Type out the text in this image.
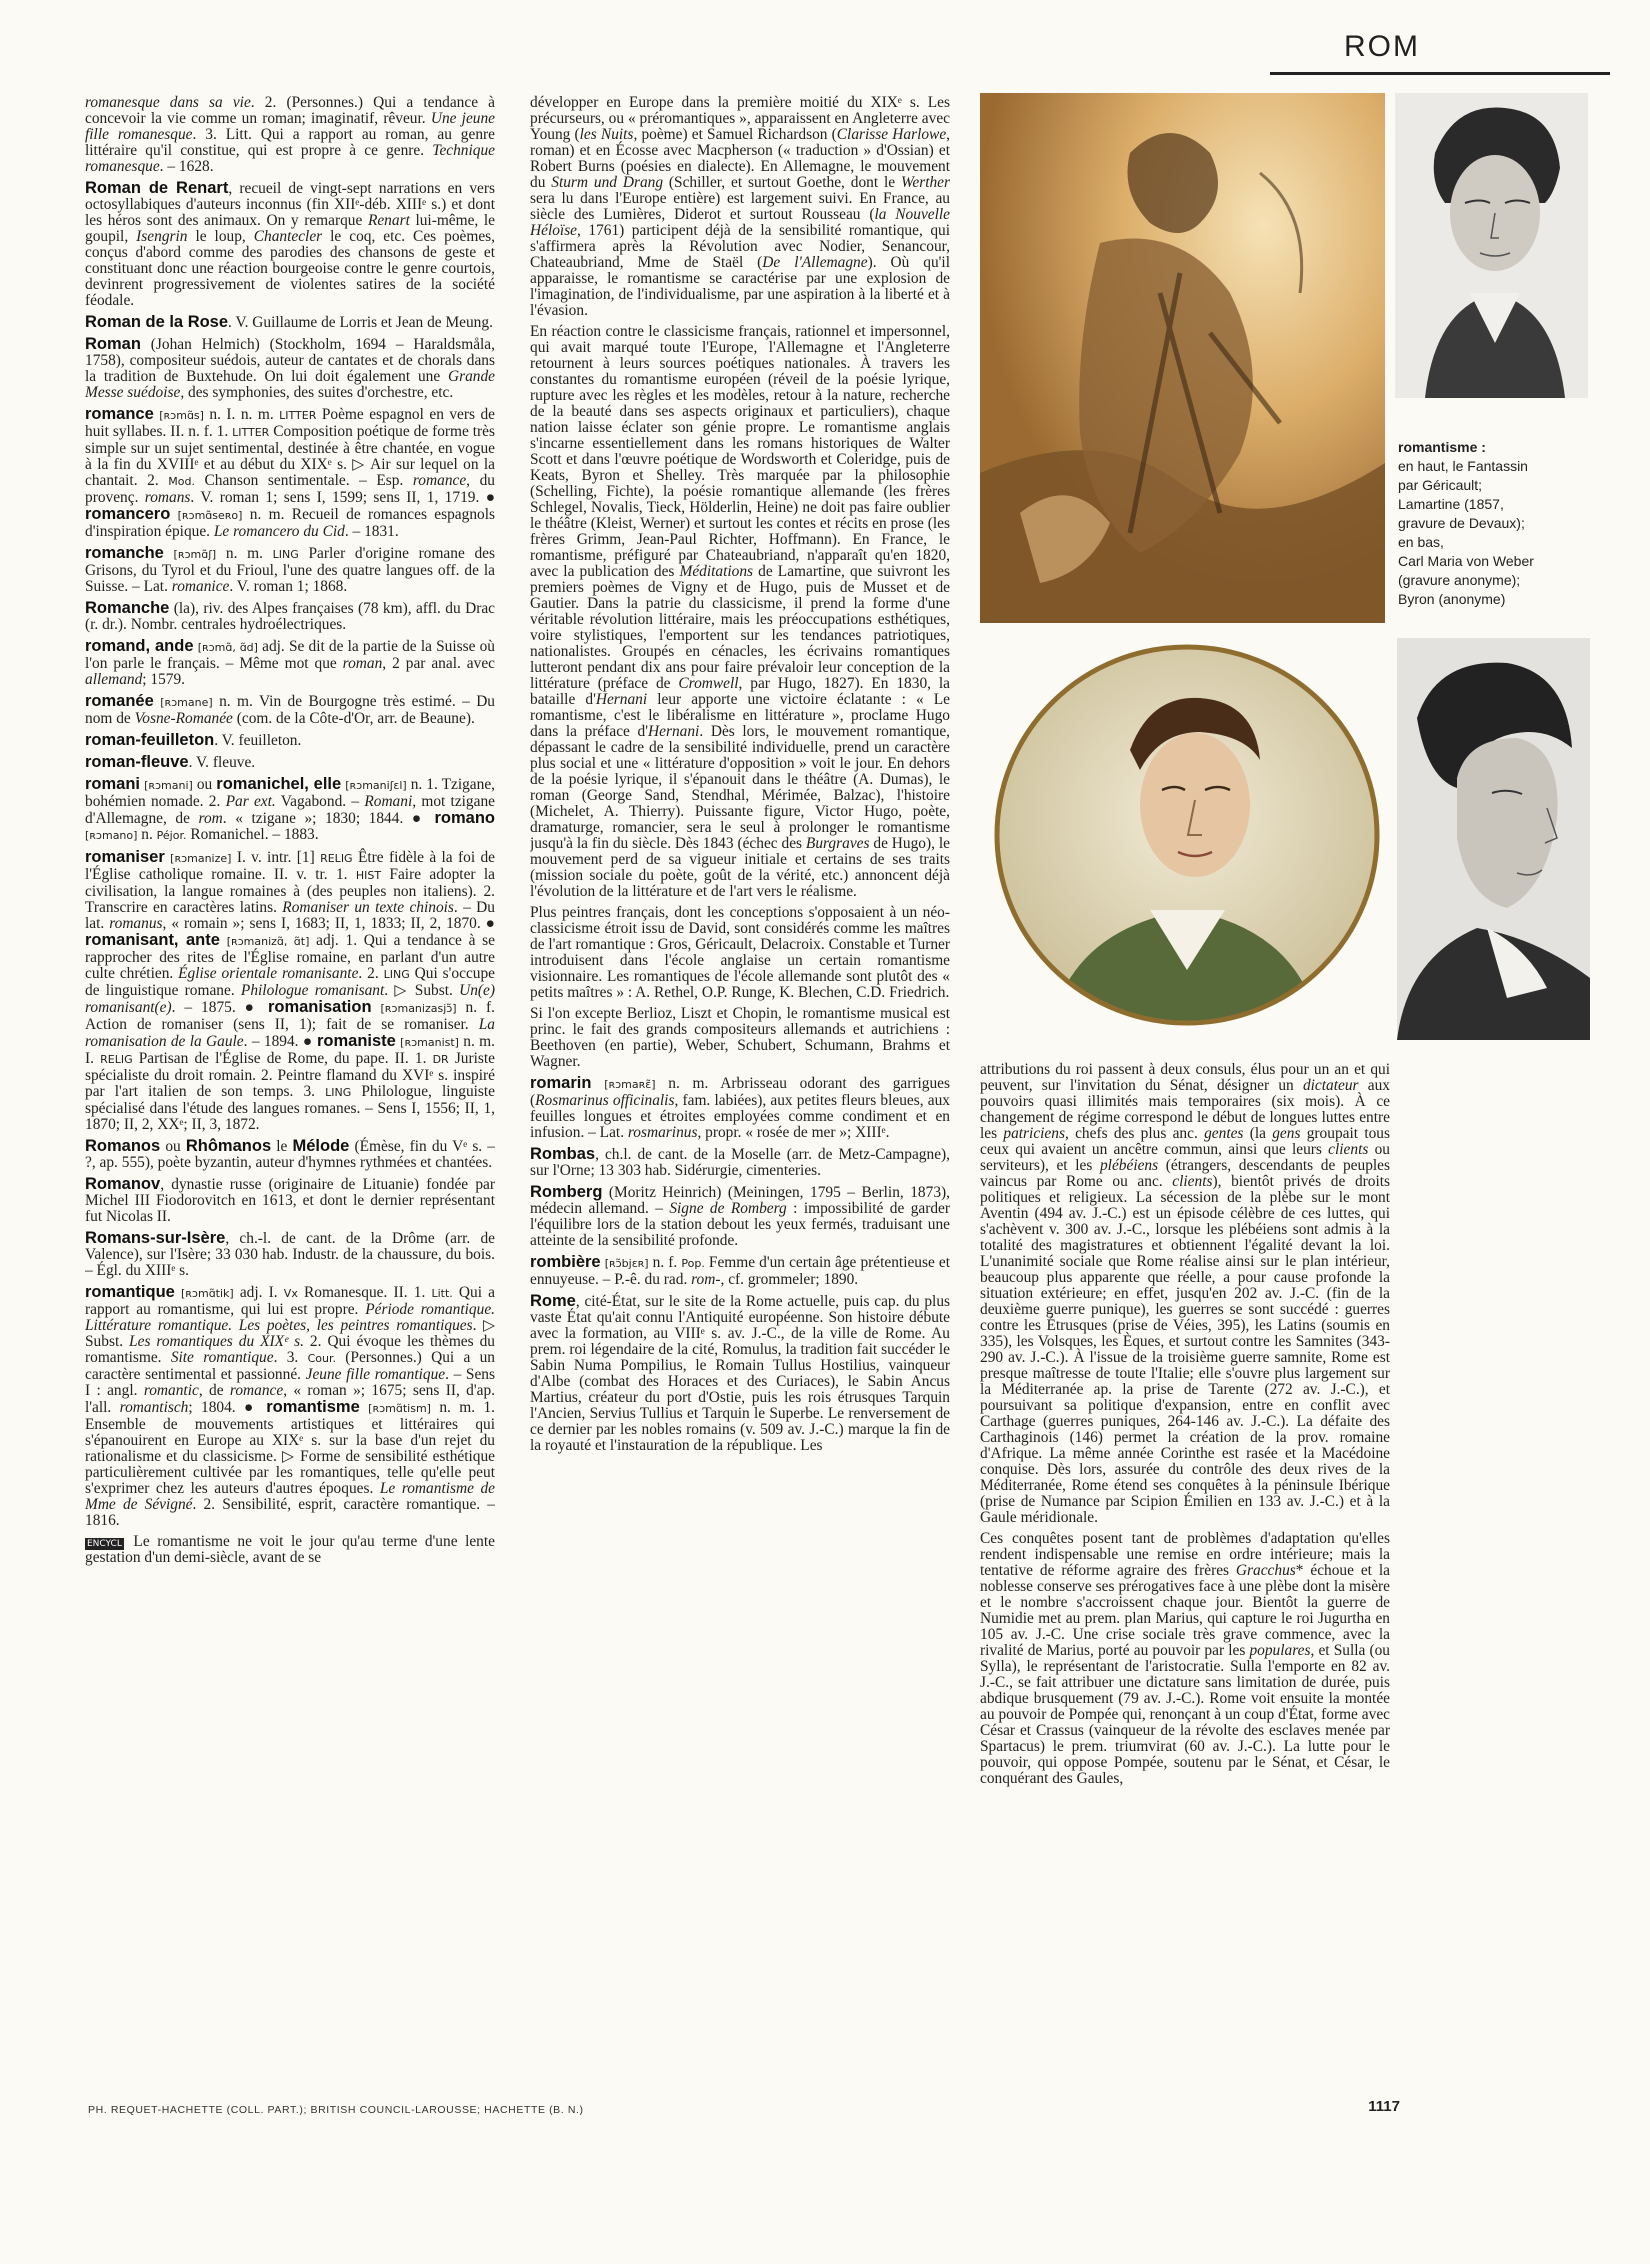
ROM

romanesque dans sa vie. 2. (Personnes.) Qui a tendance à concevoir la vie comme un roman; imaginatif, rêveur. Une jeune fille romanesque. 3. Litt. Qui a rapport au roman, au genre littéraire qu'il constitue, qui est propre à ce genre. Technique romanesque. – 1628.

Roman de Renart, recueil de vingt-sept narrations en vers octosyllabiques d'auteurs inconnus (fin XIIᵉ-déb. XIIIᵉ s.) et dont les héros sont des animaux. On y remarque Renart lui-même, le goupil, Isengrin le loup, Chantecler le coq, etc. Ces poèmes, conçus d'abord comme des parodies des chansons de geste et constituant donc une réaction bourgeoise contre le genre courtois, devinrent progressivement de violentes satires de la société féodale.

Roman de la Rose. V. Guillaume de Lorris et Jean de Meung.

Roman (Johan Helmich) (Stockholm, 1694 – Haraldsmåla, 1758), compositeur suédois, auteur de cantates et de chorals dans la tradition de Buxtehude. On lui doit également une Grande Messe suédoise, des symphonies, des suites d'orchestre, etc.

romance [ʀɔmɑ̃s] n. I. n. m. LITTER Poème espagnol en vers de huit syllabes. II. n. f. 1. LITTER Composition poétique de forme très simple sur un sujet sentimental, destinée à être chantée, en vogue à la fin du XVIIIᵉ et au début du XIXᵉ s. ▷ Air sur lequel on la chantait. 2. Mod. Chanson sentimentale. – Esp. romance, du provenç. romans. V. roman 1; sens I, 1599; sens II, 1, 1719. ● romancero [ʀɔmɑ̃seʀo] n. m. Recueil de romances espagnols d'inspiration épique. Le romancero du Cid. – 1831.

romanche [ʀɔmɑ̃ʃ] n. m. LING Parler d'origine romane des Grisons, du Tyrol et du Frioul, l'une des quatre langues off. de la Suisse. – Lat. romanice. V. roman 1; 1868.

Romanche (la), riv. des Alpes françaises (78 km), affl. du Drac (r. dr.). Nombr. centrales hydroélectriques.

romand, ande [ʀɔmɑ̃, ɑ̃d] adj. Se dit de la partie de la Suisse où l'on parle le français. – Même mot que roman, 2 par anal. avec allemand; 1579.

romanée [ʀɔmane] n. m. Vin de Bourgogne très estimé. – Du nom de Vosne-Romanée (com. de la Côte-d'Or, arr. de Beaune).

roman-feuilleton. V. feuilleton.

roman-fleuve. V. fleuve.

romani [ʀɔmani] ou romanichel, elle [ʀɔmaniʃɛl] n. 1. Tzigane, bohémien nomade. 2. Par ext. Vagabond. – Romani, mot tzigane d'Allemagne, de rom. « tzigane »; 1830; 1844. ● romano [ʀɔmano] n. Péjor. Romanichel. – 1883.

romaniser [ʀɔmanize] I. v. intr. [1] RELIG Être fidèle à la foi de l'Église catholique romaine. II. v. tr. 1. HIST Faire adopter la civilisation, la langue romaines à (des peuples non italiens). 2. Transcrire en caractères latins. Romaniser un texte chinois. – Du lat. romanus, « romain »; sens I, 1683; II, 1, 1833; II, 2, 1870. ● romanisant, ante [ʀɔmanizɑ̃, ɑ̃t] adj. 1. Qui a tendance à se rapprocher des rites de l'Église romaine, en parlant d'un autre culte chrétien. Église orientale romanisante. 2. LING Qui s'occupe de linguistique romane. Philologue romanisant. ▷ Subst. Un(e) romanisant(e). – 1875. ● romanisation [ʀɔmanizasjɔ̃] n. f. Action de romaniser (sens II, 1); fait de se romaniser. La romanisation de la Gaule. – 1894. ● romaniste [ʀɔmanist] n. m. I. RELIG Partisan de l'Église de Rome, du pape. II. 1. DR Juriste spécialiste du droit romain. 2. Peintre flamand du XVIᵉ s. inspiré par l'art italien de son temps. 3. LING Philologue, linguiste spécialisé dans l'étude des langues romanes. – Sens I, 1556; II, 1, 1870; II, 2, XXᵉ; II, 3, 1872.

Romanos ou Rhômanos le Mélode (Émèse, fin du Vᵉ s. – ?, ap. 555), poète byzantin, auteur d'hymnes rythmées et chantées.

Romanov, dynastie russe (originaire de Lituanie) fondée par Michel III Fiodorovitch en 1613, et dont le dernier représentant fut Nicolas II.

Romans-sur-Isère, ch.-l. de cant. de la Drôme (arr. de Valence), sur l'Isère; 33 030 hab. Industr. de la chaussure, du bois. – Égl. du XIIIᵉ s.

romantique [ʀɔmɑ̃tik] adj. I. Vx Romanesque. II. 1. Litt. Qui a rapport au romantisme, qui lui est propre. Période romantique. Littérature romantique. Les poètes, les peintres romantiques. ▷ Subst. Les romantiques du XIXᵉ s. 2. Qui évoque les thèmes du romantisme. Site romantique. 3. Cour. (Personnes.) Qui a un caractère sentimental et passionné. Jeune fille romantique. – Sens I : angl. romantic, de romance, « roman »; 1675; sens II, d'ap. l'all. romantisch; 1804. ● romantisme [ʀɔmɑ̃tism] n. m. 1. Ensemble de mouvements artistiques et littéraires qui s'épanouirent en Europe au XIXᵉ s. sur la base d'un rejet du rationalisme et du classicisme. ▷ Forme de sensibilité esthétique particulièrement cultivée par les romantiques, telle qu'elle peut s'exprimer chez les auteurs d'autres époques. Le romantisme de Mme de Sévigné. 2. Sensibilité, esprit, caractère romantique. – 1816.

ENCYCL Le romantisme ne voit le jour qu'au terme d'une lente gestation d'un demi-siècle, avant de se

développer en Europe dans la première moitié du XIXᵉ s. Les précurseurs, ou « préromantiques », apparaissent en Angleterre avec Young (les Nuits, poème) et Samuel Richardson (Clarisse Harlowe, roman) et en Écosse avec Macpherson (« traduction » d'Ossian) et Robert Burns (poésies en dialecte). En Allemagne, le mouvement du Sturm und Drang (Schiller, et surtout Goethe, dont le Werther sera lu dans l'Europe entière) est largement suivi. En France, au siècle des Lumières, Diderot et surtout Rousseau (la Nouvelle Héloïse, 1761) participent déjà de la sensibilité romantique, qui s'affirmera après la Révolution avec Nodier, Senancour, Chateaubriand, Mme de Staël (De l'Allemagne). Où qu'il apparaisse, le romantisme se caractérise par une explosion de l'imagination, de l'individualisme, par une aspiration à la liberté et à l'évasion.

En réaction contre le classicisme français, rationnel et impersonnel, qui avait marqué toute l'Europe, l'Allemagne et l'Angleterre retournent à leurs sources poétiques nationales. À travers les constantes du romantisme européen (réveil de la poésie lyrique, rupture avec les règles et les modèles, retour à la nature, recherche de la beauté dans ses aspects originaux et particuliers), chaque nation laisse éclater son génie propre. Le romantisme anglais s'incarne essentiellement dans les romans historiques de Walter Scott et dans l'œuvre poétique de Wordsworth et Coleridge, puis de Keats, Byron et Shelley. Très marquée par la philosophie (Schelling, Fichte), la poésie romantique allemande (les frères Schlegel, Novalis, Tieck, Hölderlin, Heine) ne doit pas faire oublier le théâtre (Kleist, Werner) et surtout les contes et récits en prose (les frères Grimm, Jean-Paul Richter, Hoffmann). En France, le romantisme, préfiguré par Chateaubriand, n'apparaît qu'en 1820, avec la publication des Méditations de Lamartine, que suivront les premiers poèmes de Vigny et de Hugo, puis de Musset et de Gautier. Dans la patrie du classicisme, il prend la forme d'une véritable révolution littéraire, mais les préoccupations esthétiques, voire stylistiques, l'emportent sur les tendances patriotiques, nationalistes. Groupés en cénacles, les écrivains romantiques lutteront pendant dix ans pour faire prévaloir leur conception de la littérature (préface de Cromwell, par Hugo, 1827). En 1830, la bataille d'Hernani leur apporte une victoire éclatante : « Le romantisme, c'est le libéralisme en littérature », proclame Hugo dans la préface d'Hernani. Dès lors, le mouvement romantique, dépassant le cadre de la sensibilité individuelle, prend un caractère plus social et une « littérature d'opposition » voit le jour. En dehors de la poésie lyrique, il s'épanouit dans le théâtre (A. Dumas), le roman (George Sand, Stendhal, Mérimée, Balzac), l'histoire (Michelet, A. Thierry). Puissante figure, Victor Hugo, poète, dramaturge, romancier, sera le seul à prolonger le romantisme jusqu'à la fin du siècle. Dès 1843 (échec des Burgraves de Hugo), le mouvement perd de sa vigueur initiale et certains de ses traits (mission sociale du poète, goût de la vérité, etc.) annoncent déjà l'évolution de la littérature et de l'art vers le réalisme.

Plus peintres français, dont les conceptions s'opposaient à un néo-classicisme étroit issu de David, sont considérés comme les maîtres de l'art romantique : Gros, Géricault, Delacroix. Constable et Turner introduisent dans l'école anglaise un certain romantisme visionnaire. Les romantiques de l'école allemande sont plutôt des « petits maîtres » : A. Rethel, O.P. Runge, K. Blechen, C.D. Friedrich.

Si l'on excepte Berlioz, Liszt et Chopin, le romantisme musical est princ. le fait des grands compositeurs allemands et autrichiens : Beethoven (en partie), Weber, Schubert, Schumann, Brahms et Wagner.

romarin [ʀɔmaʀɛ̃] n. m. Arbrisseau odorant des garrigues (Rosmarinus officinalis, fam. labiées), aux petites fleurs bleues, aux feuilles longues et étroites employées comme condiment et en infusion. – Lat. rosmarinus, propr. « rosée de mer »; XIIIᵉ.

Rombas, ch.l. de cant. de la Moselle (arr. de Metz-Campagne), sur l'Orne; 13 303 hab. Sidérurgie, cimenteries.

Romberg (Moritz Heinrich) (Meiningen, 1795 – Berlin, 1873), médecin allemand. – Signe de Romberg : impossibilité de garder l'équilibre lors de la station debout les yeux fermés, traduisant une atteinte de la sensibilité profonde.

rombière [ʀɔ̃bjɛʀ] n. f. Pop. Femme d'un certain âge prétentieuse et ennuyeuse. – P.-ê. du rad. rom-, cf. grommeler; 1890.

Rome, cité-État, sur le site de la Rome actuelle, puis cap. du plus vaste État qu'ait connu l'Antiquité européenne. Son histoire débute avec la formation, au VIIIᵉ s. av. J.-C., de la ville de Rome. Au prem. roi légendaire de la cité, Romulus, la tradition fait succéder le Sabin Numa Pompilius, le Romain Tullus Hostilius, vainqueur d'Albe (combat des Horaces et des Curiaces), le Sabin Ancus Martius, créateur du port d'Ostie, puis les rois étrusques Tarquin l'Ancien, Servius Tullius et Tarquin le Superbe. Le renversement de ce dernier par les nobles romains (v. 509 av. J.-C.) marque la fin de la royauté et l'instauration de la république. Les

romantisme :
en haut, le Fantassin
par Géricault;
Lamartine (1857,
gravure de Devaux);
en bas,
Carl Maria von Weber
(gravure anonyme);
Byron (anonyme)

attributions du roi passent à deux consuls, élus pour un an et qui peuvent, sur l'invitation du Sénat, désigner un dictateur aux pouvoirs quasi illimités mais temporaires (six mois). À ce changement de régime correspond le début de longues luttes entre les patriciens, chefs des plus anc. gentes (la gens groupait tous ceux qui avaient un ancêtre commun, ainsi que leurs clients ou serviteurs), et les plébéiens (étrangers, descendants de peuples vaincus par Rome ou anc. clients), bientôt privés de droits politiques et religieux. La sécession de la plèbe sur le mont Aventin (494 av. J.-C.) est un épisode célèbre de ces luttes, qui s'achèvent v. 300 av. J.-C., lorsque les plébéiens sont admis à la totalité des magistratures et obtiennent l'égalité devant la loi. L'unanimité sociale que Rome réalise ainsi sur le plan intérieur, beaucoup plus apparente que réelle, a pour cause profonde la situation extérieure; en effet, jusqu'en 202 av. J.-C. (fin de la deuxième guerre punique), les guerres se sont succédé : guerres contre les Étrusques (prise de Véies, 395), les Latins (soumis en 335), les Volsques, les Èques, et surtout contre les Samnites (343-290 av. J.-C.). À l'issue de la troisième guerre samnite, Rome est presque maîtresse de toute l'Italie; elle s'ouvre plus largement sur la Méditerranée ap. la prise de Tarente (272 av. J.-C.), et poursuivant sa politique d'expansion, entre en conflit avec Carthage (guerres puniques, 264-146 av. J.-C.). La défaite des Carthaginois (146) permet la création de la prov. romaine d'Afrique. La même année Corinthe est rasée et la Macédoine conquise. Dès lors, assurée du contrôle des deux rives de la Méditerranée, Rome étend ses conquêtes à la péninsule Ibérique (prise de Numance par Scipion Émilien en 133 av. J.-C.) et à la Gaule méridionale.

Ces conquêtes posent tant de problèmes d'adaptation qu'elles rendent indispensable une remise en ordre intérieure; mais la tentative de réforme agraire des frères Gracchus* échoue et la noblesse conserve ses prérogatives face à une plèbe dont la misère et le nombre s'accroissent chaque jour. Bientôt la guerre de Numidie met au prem. plan Marius, qui capture le roi Jugurtha en 105 av. J.-C. Une crise sociale très grave commence, avec la rivalité de Marius, porté au pouvoir par les populares, et Sulla (ou Sylla), le représentant de l'aristocratie. Sulla l'emporte en 82 av. J.-C., se fait attribuer une dictature sans limitation de durée, puis abdique brusquement (79 av. J.-C.). Rome voit ensuite la montée au pouvoir de Pompée qui, renonçant à un coup d'État, forme avec César et Crassus (vainqueur de la révolte des esclaves menée par Spartacus) le prem. triumvirat (60 av. J.-C.). La lutte pour le pouvoir, qui oppose Pompée, soutenu par le Sénat, et César, le conquérant des Gaules,

PH. REQUET-HACHETTE (COLL. PART.); BRITISH COUNCIL-LAROUSSE; HACHETTE (B. N.)	1117
